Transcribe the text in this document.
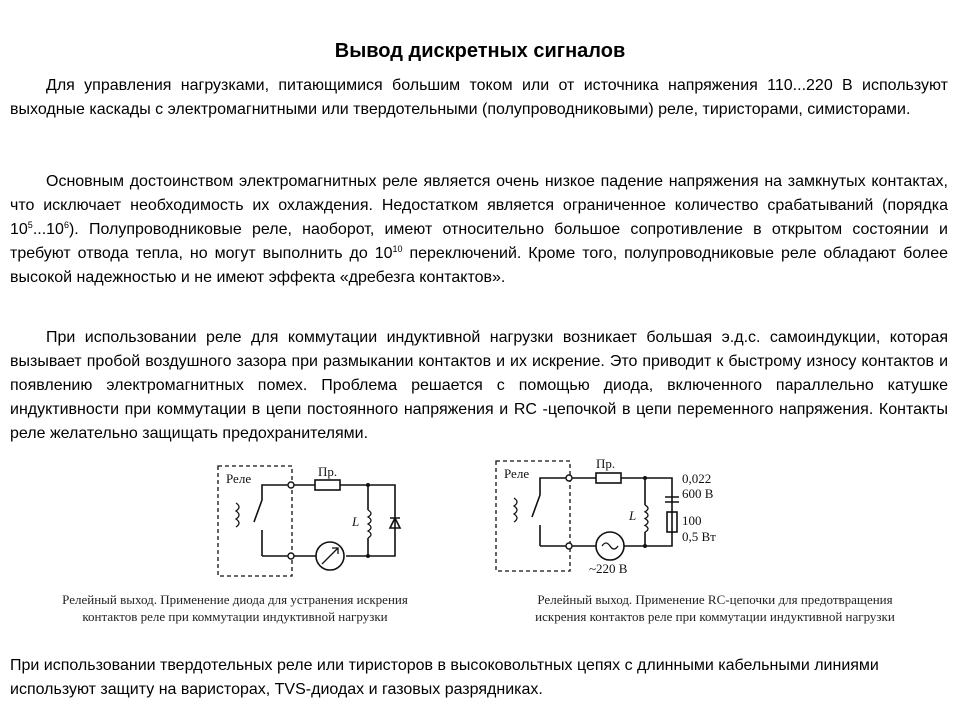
Вывод дискретных сигналов
Для управления нагрузками, питающимися большим током или от источника напряжения 110...220 В используют выходные каскады с электромагнитными или твердотельными (полупроводниковыми) реле, тиристорами, симисторами.
Основным достоинством электромагнитных реле является очень низкое падение напряжения на замкнутых контактах, что исключает необходимость их охлаждения. Недостатком является ограниченное количество срабатываний (порядка $10^5...10^6$). Полупроводниковые реле, наоборот, имеют относительно большое сопротивление в открытом состоянии и требуют отвода тепла, но могут выполнить до $10^{10}$ переключений. Кроме того, полупроводниковые реле обладают более высокой надежностью и не имеют эффекта «дребезга контактов».
При использовании реле для коммутации индуктивной нагрузки возникает большая э.д.с. самоиндукции, которая вызывает пробой воздушного зазора при размыкании контактов и их искрение. Это приводит к быстрому износу контактов и появлению электромагнитных помех. Проблема решается с помощью диода, включенного параллельно катушке индуктивности при коммутации в цепи постоянного напряжения и RC -цепочкой в цепи переменного напряжения. Контакты реле желательно защищать предохранителями.
Реле	Пр.
L
Реле
Пр.
~220 В
L
0,022
600 В
100
0,5 Вт
Релейный выход. Применение диода для устранения искрения
контактов реле при коммутации индуктивной нагрузки
Релейный выход. Применение RC-цепочки для предотвращения
искрения контактов реле при коммутации индуктивной нагрузки
При использовании твердотельных реле или тиристоров в высоковольтных цепях с длинными кабельными линиями используют защиту на варисторах, TVS-диодах и газовых разрядниках.
